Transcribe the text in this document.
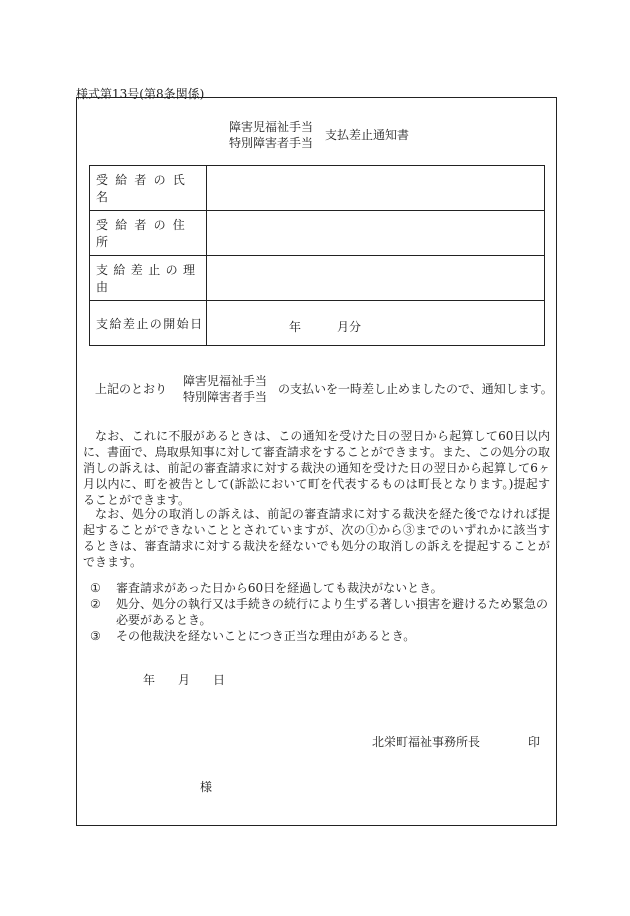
様式第13号(第8条関係)
障害児福祉手当
特別障害者手当
支払差止通知書
受給者の氏名	
受給者の住所	
支給差止の理由	
支給差止の開始日		年	月分
上記のとおり
障害児福祉手当
特別障害者手当
の支払いを一時差し止めましたので、通知します。
なお、これに不服があるときは、この通知を受けた日の翌日から起算して60日以内に、書面で、鳥取県知事に対して審査請求をすることができます。また、この処分の取消しの訴えは、前記の審査請求に対する裁決の通知を受けた日の翌日から起算して6ヶ月以内に、町を被告として(訴訟において町を代表するものは町長となります。)提起することができます。
なお、処分の取消しの訴えは、前記の審査請求に対する裁決を経た後でなければ提起することができないこととされていますが、次の①から③までのいずれかに該当するときは、審査請求に対する裁決を経ないでも処分の取消しの訴えを提起することができます。
① 審査請求があった日から60日を経過しても裁決がないとき。
② 処分、処分の執行又は手続きの続行により生ずる著しい損害を避けるため緊急の必要があるとき。
③ その他裁決を経ないことにつき正当な理由があるとき。
年 月 日
北栄町福祉事務所長	印
様
